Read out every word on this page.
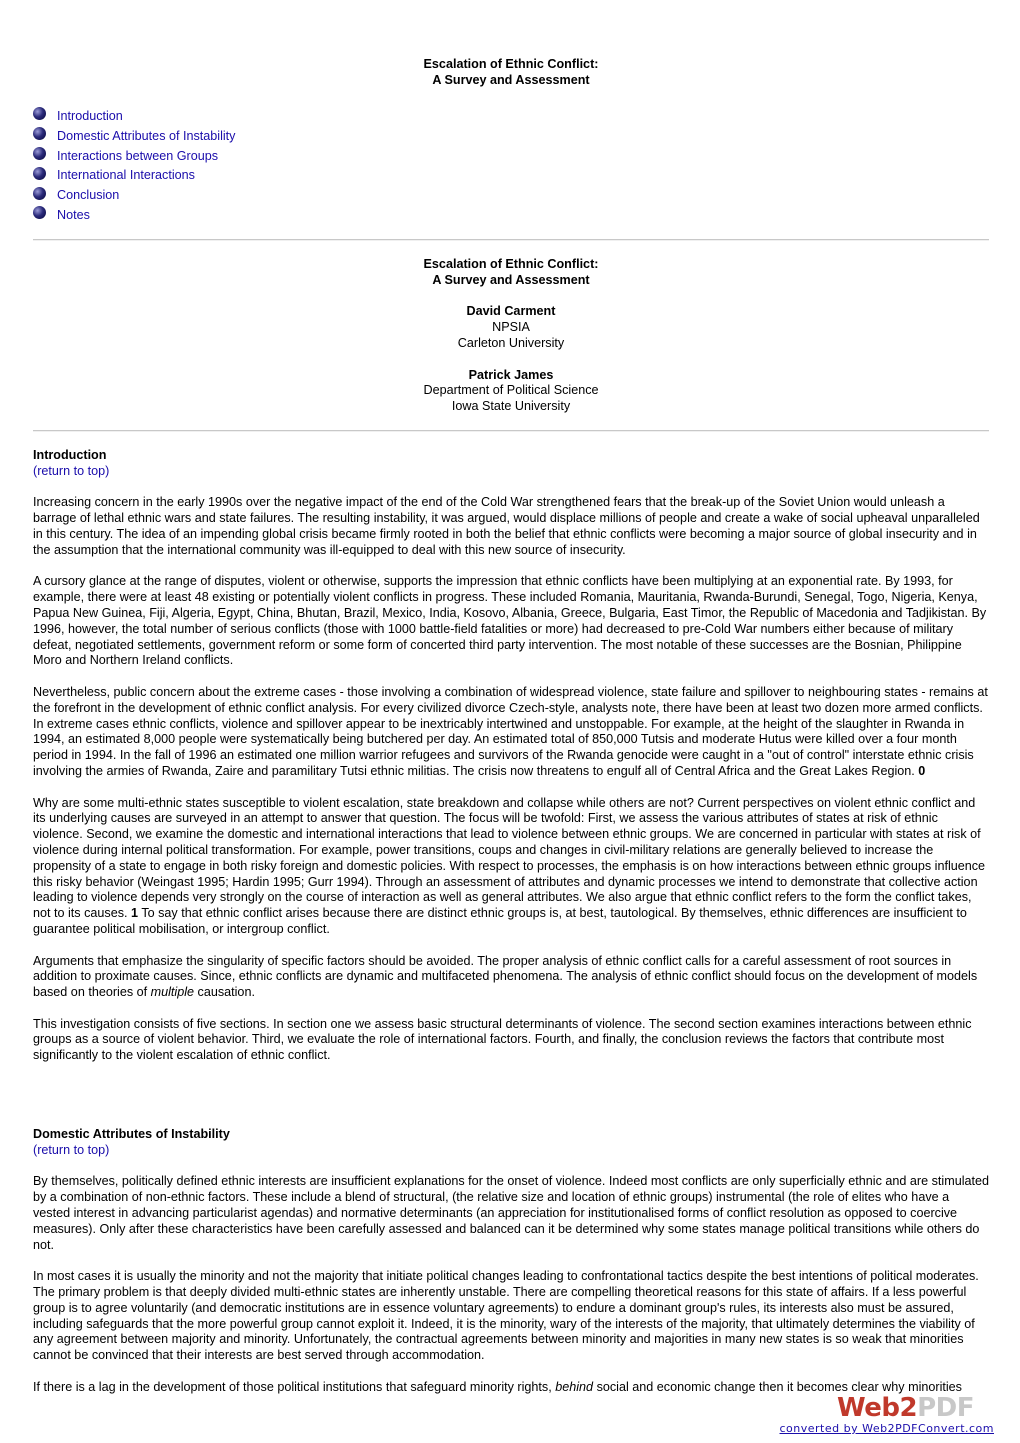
Escalation of Ethnic Conflict:
A Survey and Assessment
Introduction
Domestic Attributes of Instability
Interactions between Groups
International Interactions
Conclusion
Notes
Escalation of Ethnic Conflict:
A Survey and Assessment
David Carment
NPSIA
Carleton University
Patrick James
Department of Political Science
Iowa State University
Introduction
(return to top)

Increasing concern in the early 1990s over the negative impact of the end of the Cold War strengthened fears that the break-up of the Soviet Union would unleash a barrage of lethal ethnic wars and state failures. The resulting instability, it was argued, would displace millions of people and create a wake of social upheaval unparalleled in this century. The idea of an impending global crisis became firmly rooted in both the belief that ethnic conflicts were becoming a major source of global insecurity and in the assumption that the international community was ill-equipped to deal with this new source of insecurity.

A cursory glance at the range of disputes, violent or otherwise, supports the impression that ethnic conflicts have been multiplying at an exponential rate. By 1993, for example, there were at least 48 existing or potentially violent conflicts in progress. These included Romania, Mauritania, Rwanda-Burundi, Senegal, Togo, Nigeria, Kenya, Papua New Guinea, Fiji, Algeria, Egypt, China, Bhutan, Brazil, Mexico, India, Kosovo, Albania, Greece, Bulgaria, East Timor, the Republic of Macedonia and Tadjikistan. By 1996, however, the total number of serious conflicts (those with 1000 battle-field fatalities or more) had decreased to pre-Cold War numbers either because of military defeat, negotiated settlements, government reform or some form of concerted third party intervention. The most notable of these successes are the Bosnian, Philippine Moro and Northern Ireland conflicts.

Nevertheless, public concern about the extreme cases - those involving a combination of widespread violence, state failure and spillover to neighbouring states - remains at the forefront in the development of ethnic conflict analysis. For every civilized divorce Czech-style, analysts note, there have been at least two dozen more armed conflicts. In extreme cases ethnic conflicts, violence and spillover appear to be inextricably intertwined and unstoppable. For example, at the height of the slaughter in Rwanda in 1994, an estimated 8,000 people were systematically being butchered per day. An estimated total of 850,000 Tutsis and moderate Hutus were killed over a four month period in 1994. In the fall of 1996 an estimated one million warrior refugees and survivors of the Rwanda genocide were caught in a "out of control" interstate ethnic crisis involving the armies of Rwanda, Zaire and paramilitary Tutsi ethnic militias. The crisis now threatens to engulf all of Central Africa and the Great Lakes Region. 0

Why are some multi-ethnic states susceptible to violent escalation, state breakdown and collapse while others are not? Current perspectives on violent ethnic conflict and its underlying causes are surveyed in an attempt to answer that question. The focus will be twofold: First, we assess the various attributes of states at risk of ethnic violence. Second, we examine the domestic and international interactions that lead to violence between ethnic groups. We are concerned in particular with states at risk of violence during internal political transformation. For example, power transitions, coups and changes in civil-military relations are generally believed to increase the propensity of a state to engage in both risky foreign and domestic policies. With respect to processes, the emphasis is on how interactions between ethnic groups influence this risky behavior (Weingast 1995; Hardin 1995; Gurr 1994). Through an assessment of attributes and dynamic processes we intend to demonstrate that collective action leading to violence depends very strongly on the course of interaction as well as general attributes. We also argue that ethnic conflict refers to the form the conflict takes, not to its causes. 1 To say that ethnic conflict arises because there are distinct ethnic groups is, at best, tautological. By themselves, ethnic differences are insufficient to guarantee political mobilisation, or intergroup conflict.

Arguments that emphasize the singularity of specific factors should be avoided. The proper analysis of ethnic conflict calls for a careful assessment of root sources in addition to proximate causes. Since, ethnic conflicts are dynamic and multifaceted phenomena. The analysis of ethnic conflict should focus on the development of models based on theories of multiple causation.

This investigation consists of five sections. In section one we assess basic structural determinants of violence. The second section examines interactions between ethnic groups as a source of violent behavior. Third, we evaluate the role of international factors. Fourth, and finally, the conclusion reviews the factors that contribute most significantly to the violent escalation of ethnic conflict.

Domestic Attributes of Instability
(return to top)

By themselves, politically defined ethnic interests are insufficient explanations for the onset of violence. Indeed most conflicts are only superficially ethnic and are stimulated by a combination of non-ethnic factors. These include a blend of structural, (the relative size and location of ethnic groups) instrumental (the role of elites who have a vested interest in advancing particularist agendas) and normative determinants (an appreciation for institutionalised forms of conflict resolution as opposed to coercive measures). Only after these characteristics have been carefully assessed and balanced can it be determined why some states manage political transitions while others do not.

In most cases it is usually the minority and not the majority that initiate political changes leading to confrontational tactics despite the best intentions of political moderates. The primary problem is that deeply divided multi-ethnic states are inherently unstable. There are compelling theoretical reasons for this state of affairs. If a less powerful group is to agree voluntarily (and democratic institutions are in essence voluntary agreements) to endure a dominant group's rules, its interests also must be assured, including safeguards that the more powerful group cannot exploit it. Indeed, it is the minority, wary of the interests of the majority, that ultimately determines the viability of any agreement between majority and minority. Unfortunately, the contractual agreements between minority and majorities in many new states is so weak that minorities cannot be convinced that their interests are best served through accommodation.

If there is a lag in the development of those political institutions that safeguard minority rights, behind social and economic change then it becomes clear why minorities

Web2PDF
converted by Web2PDFConvert.com
